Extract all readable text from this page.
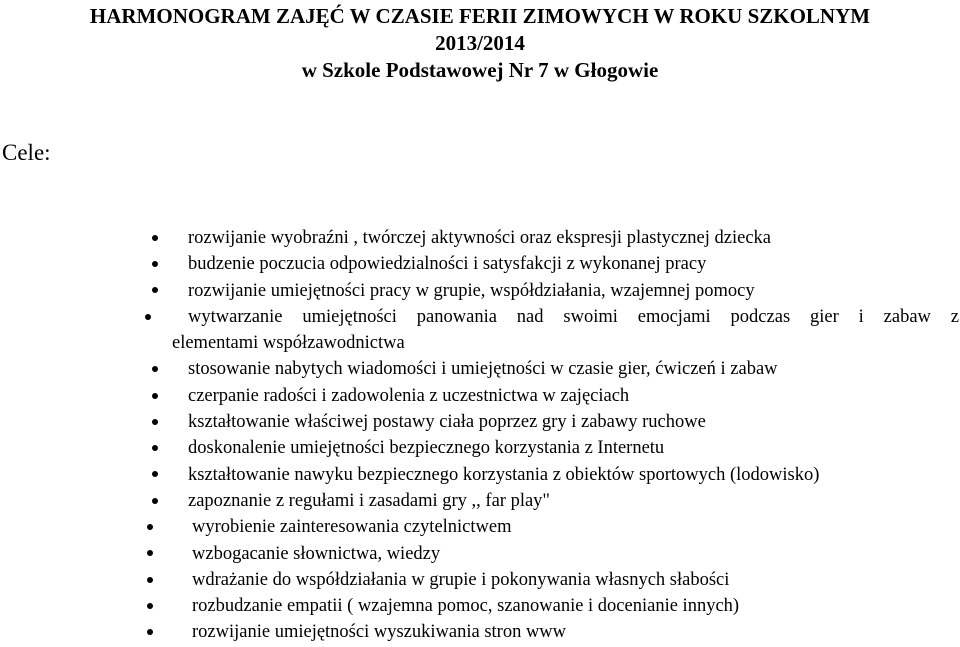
HARMONOGRAM ZAJĘĆ W CZASIE FERII ZIMOWYCH W ROKU SZKOLNYM
2013/2014
w Szkole Podstawowej Nr 7 w Głogowie
Cele:
rozwijanie wyobraźni , twórczej aktywności oraz ekspresji plastycznej dziecka
budzenie poczucia odpowiedzialności i satysfakcji z wykonanej pracy
rozwijanie umiejętności pracy w grupie, współdziałania, wzajemnej pomocy
wytwarzanie umiejętności panowania nad swoimi emocjami podczas gier i zabaw z
elementami współzawodnictwa
stosowanie nabytych wiadomości i umiejętności w czasie gier, ćwiczeń i zabaw
czerpanie radości i zadowolenia z uczestnictwa w zajęciach
kształtowanie właściwej postawy ciała poprzez gry i zabawy ruchowe
doskonalenie umiejętności bezpiecznego korzystania z Internetu
kształtowanie nawyku bezpiecznego korzystania z obiektów sportowych (lodowisko)
zapoznanie z regułami i zasadami gry ,, far play"
wyrobienie zainteresowania czytelnictwem
wzbogacanie słownictwa, wiedzy
wdrażanie do współdziałania w grupie i pokonywania własnych słabości
rozbudzanie empatii ( wzajemna pomoc, szanowanie i docenianie innych)
rozwijanie umiejętności wyszukiwania stron www
